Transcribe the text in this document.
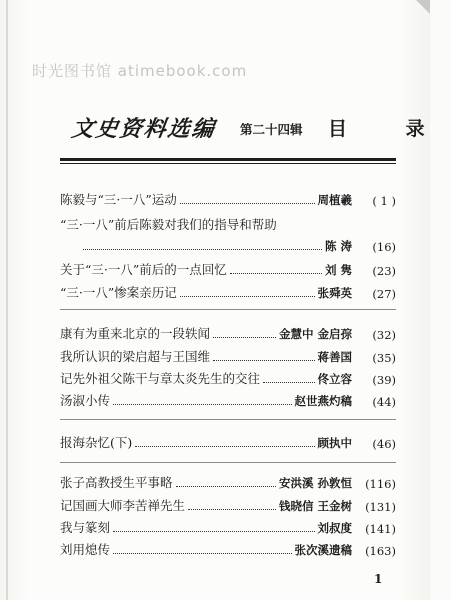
时光图书馆 atimebook.com
文史资料选编 第二十四辑 目 录
陈毅与“三·一八”运动	周植羲	( 1 )
“三·一八”前后陈毅对我们的指导和帮助
陈 涛	(16)
关于“三·一八”前后的一点回忆	刘 隽	(23)
“三·一八”惨案亲历记	张舜英	(27)
康有为重来北京的一段轶闻	金慧中 金启孮	(32)
我所认识的梁启超与王国维	蒋善国	(35)
记先外祖父陈干与章太炎先生的交往	佟立容	(39)
汤淑小传	赵世燕灼稿	(44)
报海杂忆(下)	顾执中	(46)
张子高教授生平事略	安洪溪 孙敦恒	(116)
记国画大师李苦禅先生	钱晓信 王金树	(131)
我与篆刻	刘叔度	(141)
刘用熄传	张次溪遗稿	(163)
1
